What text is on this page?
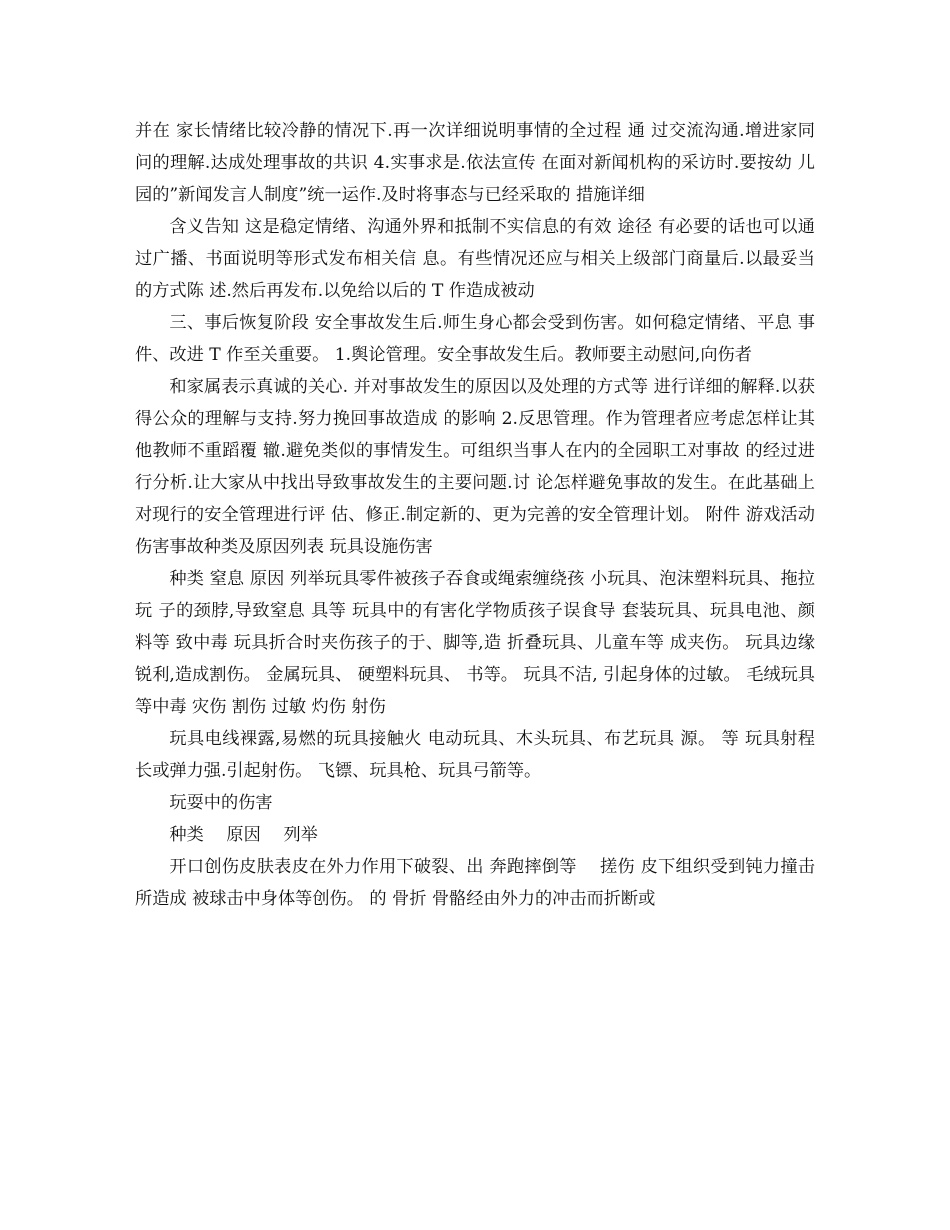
并在 家长情绪比较冷静的情况下.再一次详细说明事情的全过程 通 过交流沟通.增进家同问的理解.达成处理事故的共识 4.实事求是.依法宣传 在面对新闻机构的采访时.要按幼 儿园的”新闻发言人制度”统一运作.及时将事态与已经采取的 措施详细

含义告知 这是稳定情绪、沟通外界和抵制不实信息的有效 途径 有必要的话也可以通过广播、书面说明等形式发布相关信 息。有些情况还应与相关上级部门商量后.以最妥当的方式陈 述.然后再发布.以免给以后的 T 作造成被动

三、事后恢复阶段 安全事故发生后.师生身心都会受到伤害。如何稳定情绪、平息 事件、改进 T 作至关重要。 1.舆论管理。安全事故发生后。教师要主动慰问,向伤者

和家属表示真诚的关心. 并对事故发生的原因以及处理的方式等 进行详细的解释.以获得公众的理解与支持.努力挽回事故造成 的影响 2.反思管理。作为管理者应考虑怎样让其他教师不重蹈覆 辙.避免类似的事情发生。可组织当事人在内的全园职工对事故 的经过进行分析.让大家从中找出导致事故发生的主要问题.讨 论怎样避免事故的发生。在此基础上对现行的安全管理进行评 估、修正.制定新的、更为完善的安全管理计划。 附件 游戏活动伤害事故种类及原因列表 玩具设施伤害

种类 窒息 原因 列举玩具零件被孩子吞食或绳索缠绕孩 小玩具、泡沫塑料玩具、拖拉玩 子的颈脖,导致窒息 具等 玩具中的有害化学物质孩子误食导 套装玩具、玩具电池、颜料等 致中毒 玩具折合时夹伤孩子的于、脚等,造 折叠玩具、儿童车等 成夹伤。 玩具边缘锐利,造成割伤。 金属玩具、 硬塑料玩具、 书等。 玩具不洁, 引起身体的过敏。 毛绒玩具等中毒 灾伤 割伤 过敏 灼伤 射伤

玩具电线裸露,易燃的玩具接触火 电动玩具、木头玩具、布艺玩具 源。 等 玩具射程长或弹力强.引起射伤。 飞镖、玩具枪、玩具弓箭等。

玩耍中的伤害

种类　 原因　 列举

开口创伤皮肤表皮在外力作用下破裂、出 奔跑摔倒等　 搓伤 皮下组织受到钝力撞击所造成 被球击中身体等创伤。 的 骨折 骨骼经由外力的冲击而折断或
